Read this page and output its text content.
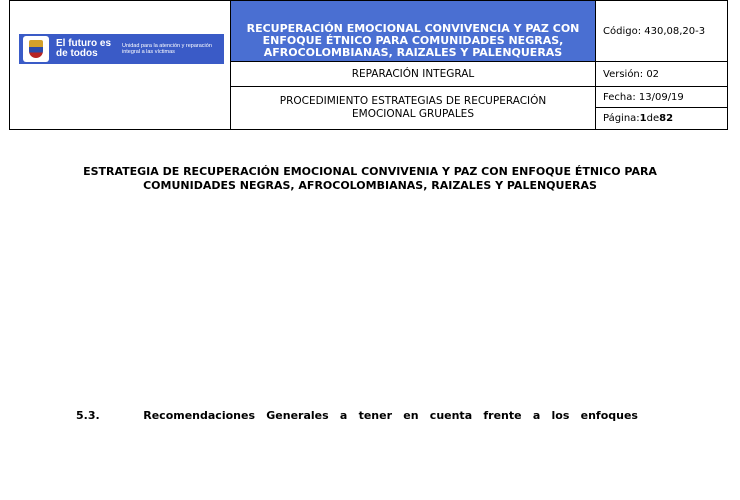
El futuro es de todos
Unidad para la atención y reparación integral a las víctimas
RECUPERACIÓN EMOCIONAL CONVIVENCIA Y PAZ CON ENFOQUE ÉTNICO PARA COMUNIDADES NEGRAS, AFROCOLOMBIANAS, RAIZALES Y PALENQUERAS
REPARACIÓN INTEGRAL
PROCEDIMIENTO ESTRATEGIAS DE RECUPERACIÓN EMOCIONAL GRUPALES
Código: 430,08,20-3
Versión: 02
Fecha: 13/09/19
Página: 1 de 82
ESTRATEGIA DE RECUPERACIÓN EMOCIONAL CONVIVENIA Y PAZ CON ENFOQUE ÉTNICO PARA COMUNIDADES NEGRAS, AFROCOLOMBIANAS, RAIZALES Y PALENQUERAS
5.3.	Recomendaciones Generales a tener en cuenta frente a los enfoques
